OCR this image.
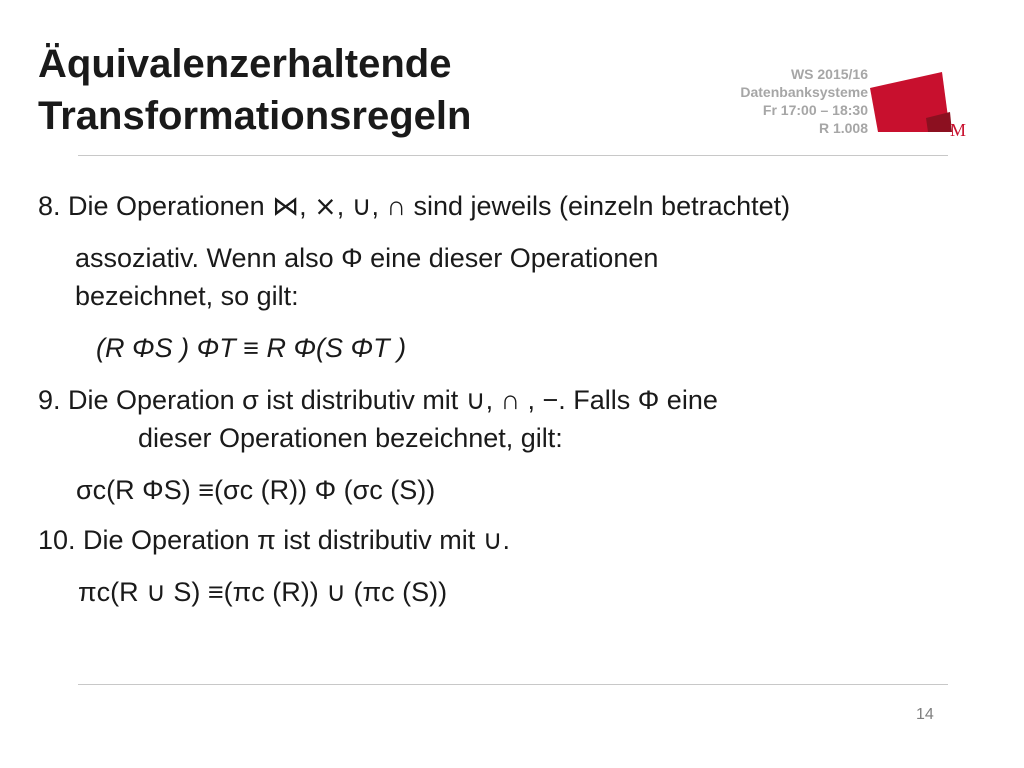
Äquivalenzerhaltende
Transformationsregeln
WS 2015/16
Datenbanksysteme
Fr 17:00 – 18:30
R 1.008	M
8. Die Operationen ⋈, ⨯, ∪, ∩ sind jeweils (einzeln betrachtet)
assoziativ. Wenn also Φ eine dieser Operationen
bezeichnet, so gilt:
(R ΦS ) ΦT ≡ R Φ(S ΦT )
9. Die Operation σ ist distributiv mit ∪, ∩ , −. Falls Φ eine
dieser Operationen bezeichnet, gilt:
σc(R ΦS) ≡(σc (R)) Φ (σc (S))
10. Die Operation π ist distributiv mit ∪.
πc(R ∪ S) ≡(πc (R)) ∪ (πc (S))
14
